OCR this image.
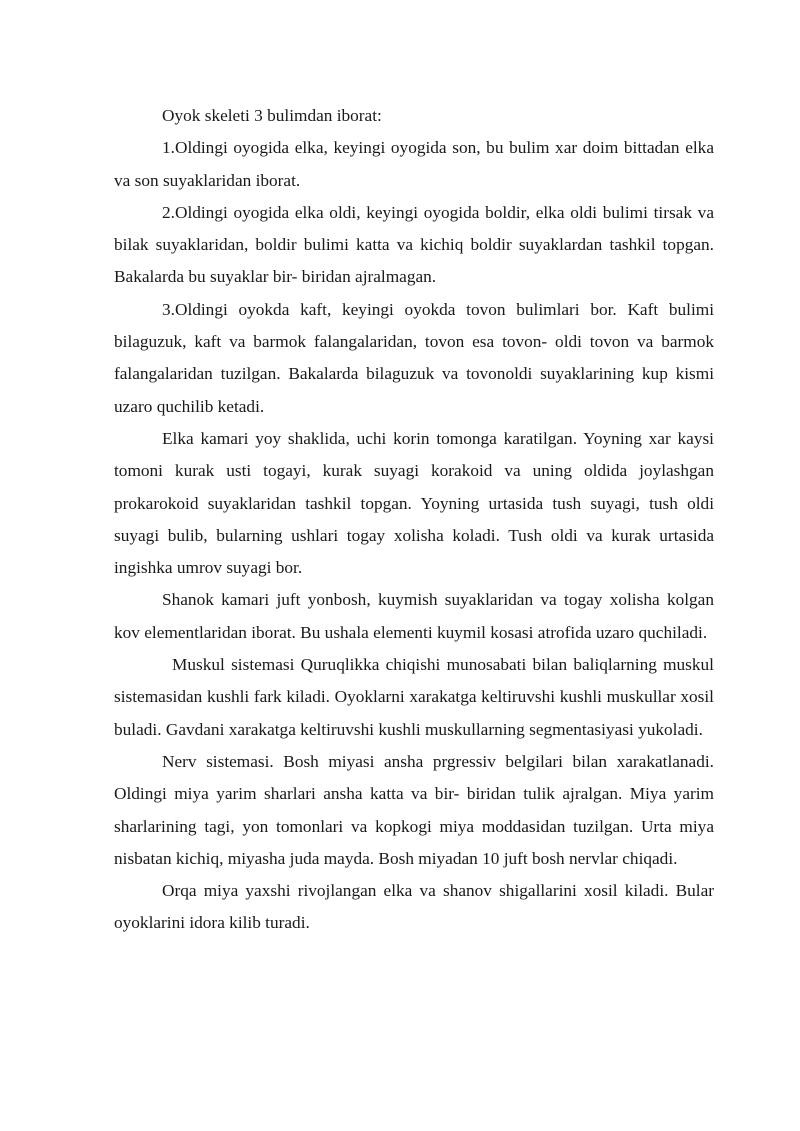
Oyok skeleti 3 bulimdan iborat:

1.Oldingi oyogida elka, keyingi oyogida son, bu bulim xar doim bittadan elka va son suyaklaridan iborat.

2.Oldingi oyogida elka oldi, keyingi oyogida boldir, elka oldi bulimi tirsak va bilak suyaklaridan, boldir bulimi katta va kichiq boldir suyaklardan tashkil topgan. Bakalarda bu suyaklar bir- biridan ajralmagan.

3.Oldingi oyokda kaft, keyingi oyokda tovon bulimlari bor. Kaft bulimi bilaguzuk, kaft va barmok falangalaridan, tovon esa tovon- oldi tovon va barmok falangalaridan tuzilgan. Bakalarda bilaguzuk va tovonoldi suyaklarining kup kismi uzaro quchilib ketadi.

Elka kamari yoy shaklida, uchi korin tomonga karatilgan. Yoyning xar kaysi tomoni kurak usti togayi, kurak suyagi korakoid va uning oldida joylashgan prokarokoid suyaklaridan tashkil topgan. Yoyning urtasida tush suyagi, tush oldi suyagi bulib, bularning ushlari togay xolisha koladi. Tush oldi va kurak urtasida ingishka umrov suyagi bor.

Shanok kamari juft yonbosh, kuymish suyaklaridan va togay xolisha kolgan kov elementlaridan iborat. Bu ushala elementi kuymil kosasi atrofida uzaro quchiladi.

Muskul sistemasi Quruqlikka chiqishi munosabati bilan baliqlarning muskul sistemasidan kushli fark kiladi. Oyoklarni xarakatga keltiruvshi kushli muskullar xosil buladi. Gavdani xarakatga keltiruvshi kushli muskullarning segmentasiyasi yukoladi.

Nerv sistemasi. Bosh miyasi ansha prgressiv belgilari bilan xarakatlanadi. Oldingi miya yarim sharlari ansha katta va bir- biridan tulik ajralgan. Miya yarim sharlarining tagi, yon tomonlari va kopkogi miya moddasidan tuzilgan. Urta miya nisbatan kichiq, miyasha juda mayda. Bosh miyadan 10 juft bosh nervlar chiqadi.

Orqa miya yaxshi rivojlangan elka va shanov shigallarini xosil kiladi. Bular oyoklarini idora kilib turadi.
